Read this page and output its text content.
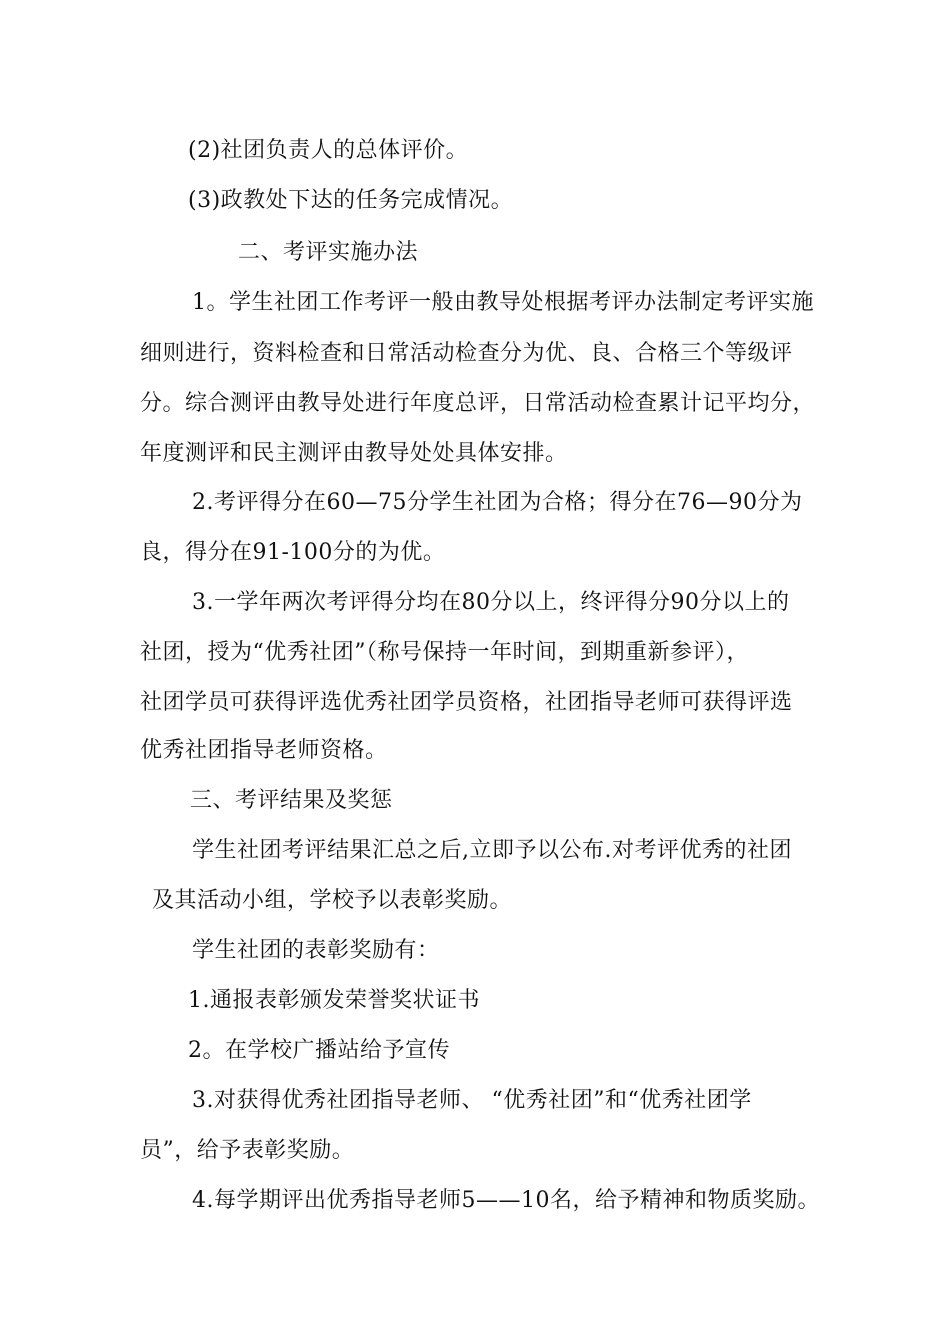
(2)社团负责人的总体评价。
(3)政教处下达的任务完成情况。
二、考评实施办法
1。学生社团工作考评一般由教导处根据考评办法制定考评实施
细则进行，资料检查和日常活动检查分为优、良、合格三个等级评
分。综合测评由教导处进行年度总评，日常活动检查累计记平均分，
年度测评和民主测评由教导处处具体安排。
2.考评得分在60—75分学生社团为合格；得分在76—90分为
良，得分在91-100分的为优。
3.一学年两次考评得分均在80分以上，终评得分90分以上的
社团，授为“优秀社团”（称号保持一年时间，到期重新参评），
社团学员可获得评选优秀社团学员资格，社团指导老师可获得评选
优秀社团指导老师资格。
三、考评结果及奖惩
学生社团考评结果汇总之后,立即予以公布.对考评优秀的社团
及其活动小组，学校予以表彰奖励。
学生社团的表彰奖励有：
1.通报表彰颁发荣誉奖状证书
2。在学校广播站给予宣传
3.对获得优秀社团指导老师、 “优秀社团”和“优秀社团学
员”，给予表彰奖励。
4.每学期评出优秀指导老师5——10名，给予精神和物质奖励。
